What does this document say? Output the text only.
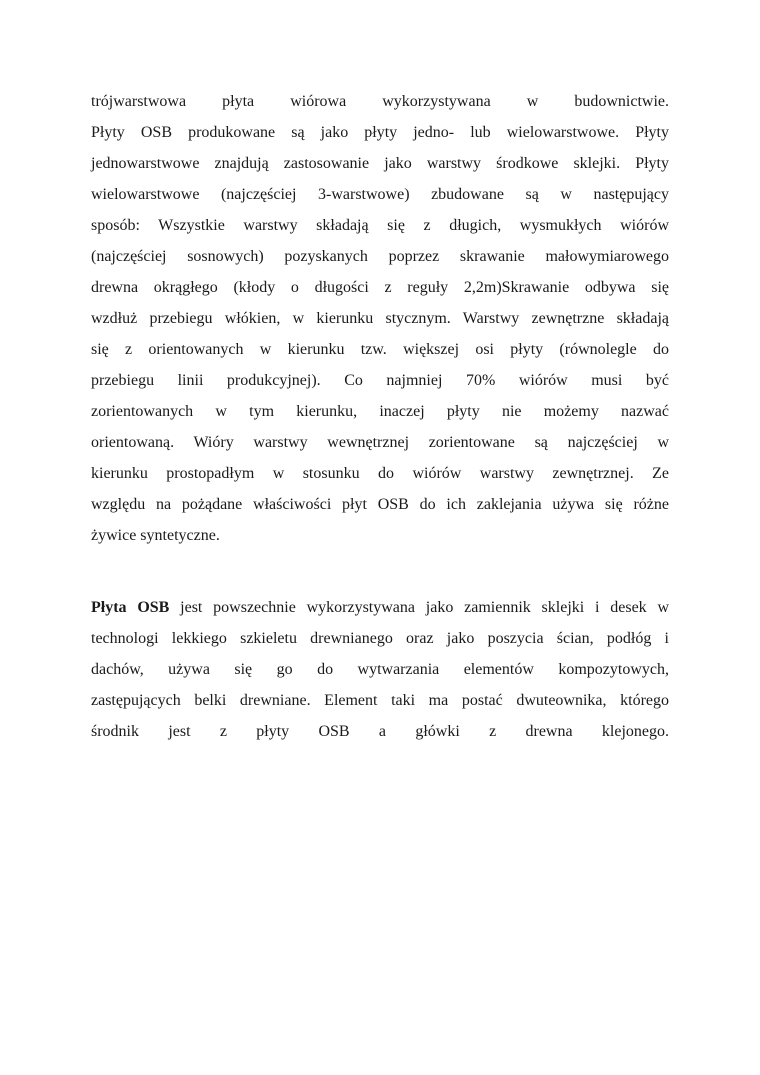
trójwarstwowa płyta wiórowa wykorzystywana w budownictwie.
Płyty OSB produkowane są jako płyty jedno- lub wielowarstwowe. Płyty
jednowarstwowe znajdują zastosowanie jako warstwy środkowe sklejki. Płyty
wielowarstwowe (najczęściej 3-warstwowe) zbudowane są w następujący
sposób: Wszystkie warstwy składają się z długich, wysmukłych wiórów
(najczęściej sosnowych) pozyskanych poprzez skrawanie małowymiarowego
drewna okrągłego (kłody o długości z reguły 2,2m)Skrawanie odbywa się
wzdłuż przebiegu włókien, w kierunku stycznym. Warstwy zewnętrzne składają
się z orientowanych w kierunku tzw. większej osi płyty (równolegle do
przebiegu linii produkcyjnej). Co najmniej 70% wiórów musi być
zorientowanych w tym kierunku, inaczej płyty nie możemy nazwać
orientowaną. Wióry warstwy wewnętrznej zorientowane są najczęściej w
kierunku prostopadłym w stosunku do wiórów warstwy zewnętrznej. Ze
względu na pożądane właściwości płyt OSB do ich zaklejania używa się różne
żywice syntetyczne.
Płyta OSB jest powszechnie wykorzystywana jako zamiennik sklejki i desek w
technologi lekkiego szkieletu drewnianego oraz jako poszycia ścian, podłóg i
dachów, używa się go do wytwarzania elementów kompozytowych,
zastępujących belki drewniane. Element taki ma postać dwuteownika, którego
środnik jest z płyty OSB a główki z drewna klejonego.
